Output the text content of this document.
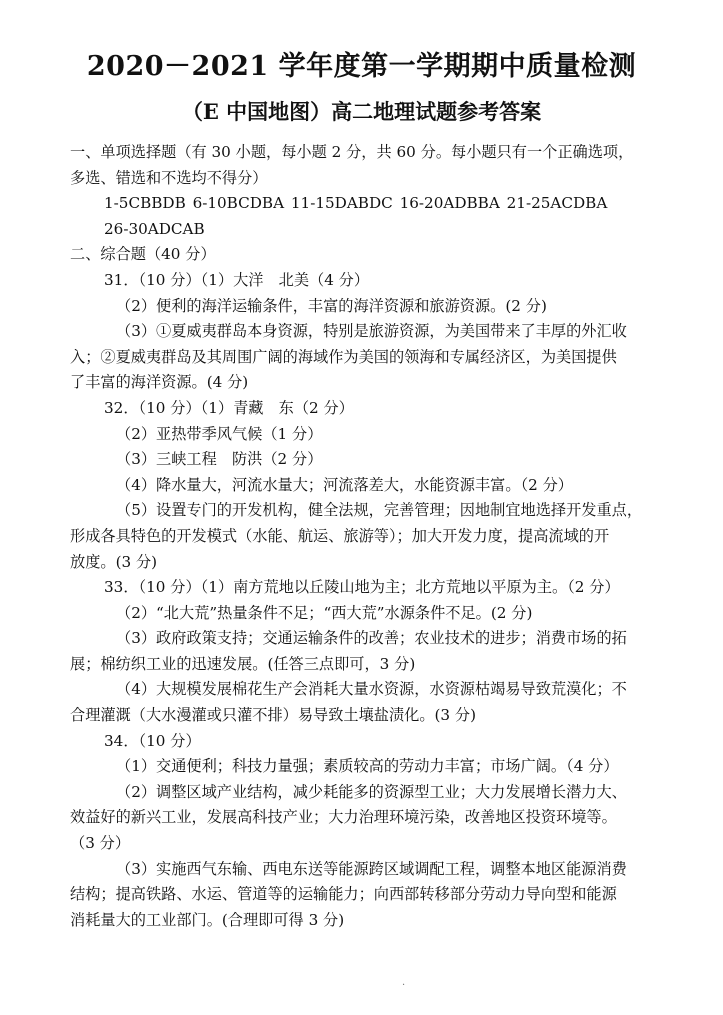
2020－2021 学年度第一学期期中质量检测
（E 中国地图）高二地理试题参考答案
一、单项选择题（有 30 小题，每小题 2 分，共 60 分。每小题只有一个正确选项，
多选、错选和不选均不得分）
1-5CBBDB 6-10BCDBA 11-15DABDC 16-20ADBBA 21-25ACDBA
26-30ADCAB
二、综合题（40 分）
31．（10 分）（1）大洋　北美（4 分）
（2）便利的海洋运输条件，丰富的海洋资源和旅游资源。(2 分)
（3）①夏威夷群岛本身资源，特别是旅游资源，为美国带来了丰厚的外汇收
入；②夏威夷群岛及其周围广阔的海域作为美国的领海和专属经济区，为美国提供
了丰富的海洋资源。(4 分)
32．（10 分）（1）青藏　东（2 分）
（2）亚热带季风气候（1 分）
（3）三峡工程　防洪（2 分）
（4）降水量大，河流水量大；河流落差大，水能资源丰富。（2 分）
（5）设置专门的开发机构，健全法规，完善管理；因地制宜地选择开发重点，
形成各具特色的开发模式（水能、航运、旅游等）；加大开发力度，提高流域的开
放度。(3 分)
33．（10 分）（1）南方荒地以丘陵山地为主；北方荒地以平原为主。（2 分）
（2）“北大荒”热量条件不足；“西大荒”水源条件不足。(2 分)
（3）政府政策支持；交通运输条件的改善；农业技术的进步；消费市场的拓
展；棉纺织工业的迅速发展。(任答三点即可，3 分)
（4）大规模发展棉花生产会消耗大量水资源，水资源枯竭易导致荒漠化；不
合理灌溉（大水漫灌或只灌不排）易导致土壤盐渍化。(3 分)
34．（10 分）
（1）交通便利；科技力量强；素质较高的劳动力丰富；市场广阔。（4 分）
（2）调整区域产业结构，减少耗能多的资源型工业；大力发展增长潜力大、
效益好的新兴工业，发展高科技产业；大力治理环境污染，改善地区投资环境等。
（3 分）
（3）实施西气东输、西电东送等能源跨区域调配工程，调整本地区能源消费
结构；提高铁路、水运、管道等的运输能力；向西部转移部分劳动力导向型和能源
消耗量大的工业部门。(合理即可得 3 分)
·
